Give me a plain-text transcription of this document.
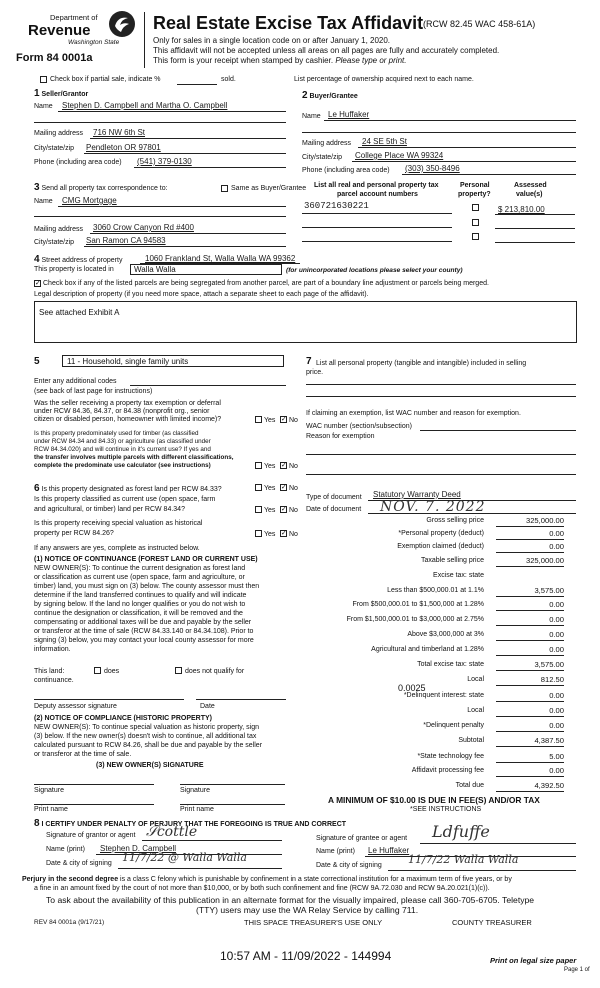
Department of
Revenue
Washington State
Form 84 0001a
Real Estate Excise Tax Affidavit (RCW 82.45 WAC 458-61A)
Only for sales in a single location code on or after January 1, 2020.
This affidavit will not be accepted unless all areas on all pages are fully and accurately completed.
This form is your receipt when stamped by cashier. Please type or print.
Check box if partial sale, indicate %	sold.	List percentage of ownership acquired next to each name.
1 Seller/Grantor
Name Stephen D. Campbell and Martha O. Campbell
Mailing address 716 NW 6th St
City/state/zip Pendleton OR 97801
Phone (including area code) (541) 379-0130
2 Buyer/Grantee
Name Le Huffaker
Mailing address 24 SE 5th St
City/state/zip College Place WA 99324
Phone (including area code) (303) 350-8496
3 Send all property tax correspondence to:	Same as Buyer/Grantee
Name CMG Mortgage
Mailing address 3060 Crow Canyon Rd #400
City/state/zip San Ramon CA 94583
List all real and personal property tax
parcel account numbers
Personal
property?
Assessed
value(s)
360721630221	$ 213,810.00
4 Street address of property	1060 Frankland St, Walla Walla WA 99362
This property is located in	Walla Walla	(for unincorporated locations please select your county)
✓ Check box if any of the listed parcels are being segregated from another parcel, are part of a boundary line adjustment or parcels being merged.
Legal description of property (if you need more space, attach a separate sheet to each page of the affidavit).
See attached Exhibit A
5	11 - Household, single family units
Enter any additional codes
(see back of last page for instructions)
Was the seller receiving a property tax exemption or deferral
under RCW 84.36, 84.37, or 84.38 (nonprofit org., senior
citizen or disabled person, homeowner with limited income)?	Yes ✓ No
Is this property predominately used for timber (as classified
under RCW 84.34 and 84.33) or agriculture (as classified under
RCW 84.34.020) and will continue in it's current use? If yes and
the transfer involves multiple parcels with different classifications,
complete the predominate use calculator (see instructions)	Yes ✓ No
6 Is this property designated as forest land per RCW 84.33?	Yes ✓ No
Is this property classified as current use (open space, farm
and agricultural, or timber) land per RCW 84.34?	Yes ✓ No
Is this property receiving special valuation as historical
property per RCW 84.26?	Yes ✓ No
If any answers are yes, complete as instructed below.
(1) NOTICE OF CONTINUANCE (FOREST LAND OR CURRENT USE)
NEW OWNER(S): To continue the current designation as forest land
or classification as current use (open space, farm and agriculture, or
timber) land, you must sign on (3) below. The county assessor must then
determine if the land transferred continues to qualify and will indicate
by signing below. If the land no longer qualifies or you do not wish to
continue the designation or classification, it will be removed and the
compensating or additional taxes will be due and payable by the seller
or transferor at the time of sale (RCW 84.33.140 or 84.34.108). Prior to
signing (3) below, you may contact your local county assessor for more
information.
This land:
continuance.
does	does not qualify for
Deputy assessor signature	Date
(2) NOTICE OF COMPLIANCE (HISTORIC PROPERTY)
NEW OWNER(S): To continue special valuation as historic property, sign
(3) below. If the new owner(s) doesn't wish to continue, all additional tax
calculated pursuant to RCW 84.26, shall be due and payable by the seller
or transferor at the time of sale.
(3) NEW OWNER(S) SIGNATURE
Signature	Signature
Print name	Print name
7 List all personal property (tangible and intangible) included in selling
price.
If claiming an exemption, list WAC number and reason for exemption.
WAC number (section/subsection)
Reason for exemption
Type of document Statutory Warranty Deed
Date of document NOV. 7. 2022
Gross selling price	325,000.00
*Personal property (deduct)	0.00
Exemption claimed (deduct)	0.00
Taxable selling price	325,000.00
Excise tax: state
Less than $500,000.01 at 1.1%	3,575.00
From $500,000.01 to $1,500,000 at 1.28%	0.00
From $1,500,000.01 to $3,000,000 at 2.75%	0.00
Above $3,000,000 at 3%	0.00
Agricultural and timberland at 1.28%	0.00
Total excise tax: state	3,575.00
Local	812.50
*Delinquent interest: state	0.00
Local	0.00
*Delinquent penalty	0.00
Subtotal	4,387.50
*State technology fee	5.00
Affidavit processing fee	0.00
Total due	4,392.50
0.0025
A MINIMUM OF $10.00 IS DUE IN FEE(S) AND/OR TAX
*SEE INSTRUCTIONS
8 I CERTIFY UNDER PENALTY OF PERJURY THAT THE FOREGOING IS TRUE AND CORRECT
Signature of grantor or agent 𝒮cottle
Name (print) Stephen D. Campbell
Date & city of signing 11/7/22 @ Walla Walla
Signature of grantee or agent Ldfuffe
Name (print) Le Huffaker
Date & city of signing 11/7/22 Walla Walla
Perjury in the second degree is a class C felony which is punishable by confinement in a state correctional institution for a maximum term of five years, or by
a fine in an amount fixed by the court of not more than $10,000, or by both such confinement and fine (RCW 9A.72.030 and RCW 9A.20.021(1)(c)).
To ask about the availability of this publication in an alternate format for the visually impaired, please call 360-705-6705. Teletype
(TTY) users may use the WA Relay Service by calling 711.
REV 84 0001a (9/17/21)	THIS SPACE TREASURER'S USE ONLY	COUNTY TREASURER
10:57 AM - 11/09/2022 - 144994	Print on legal size paper
Page 1 of
